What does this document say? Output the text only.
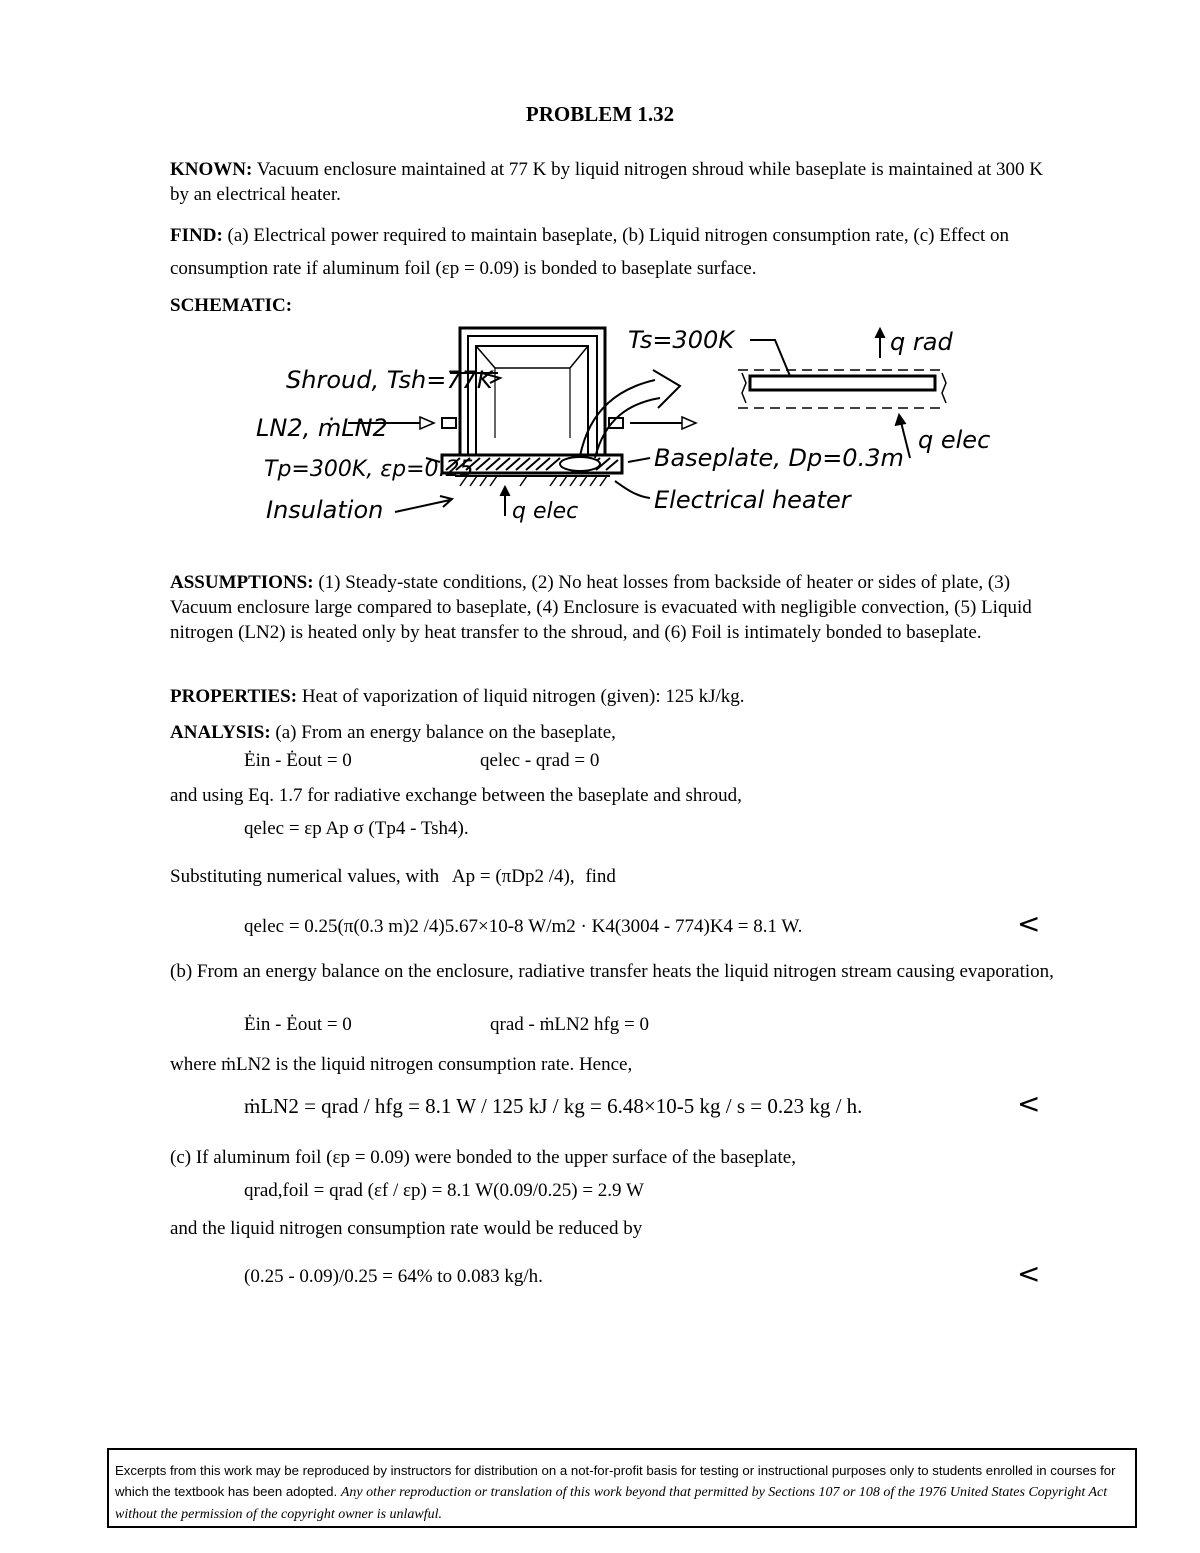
PROBLEM 1.32
KNOWN: Vacuum enclosure maintained at 77 K by liquid nitrogen shroud while baseplate is maintained at 300 K by an electrical heater.
FIND: (a) Electrical power required to maintain baseplate, (b) Liquid nitrogen consumption rate, (c) Effect on consumption rate if aluminum foil (εp = 0.09) is bonded to baseplate surface.
SCHEMATIC:
Shroud, Tsh=77K
LN2, ṁLN2
Tp=300K, εp=0.25
Insulation	q elec
Baseplate, Dp=0.3m
Electrical heater
Ts=300K	q rad
q elec
ASSUMPTIONS: (1) Steady-state conditions, (2) No heat losses from backside of heater or sides of plate, (3) Vacuum enclosure large compared to baseplate, (4) Enclosure is evacuated with negligible convection, (5) Liquid nitrogen (LN2) is heated only by heat transfer to the shroud, and (6) Foil is intimately bonded to baseplate.
PROPERTIES: Heat of vaporization of liquid nitrogen (given): 125 kJ/kg.
ANALYSIS: (a) From an energy balance on the baseplate,
Ėin - Ėout = 0	qelec - qrad = 0
and using Eq. 1.7 for radiative exchange between the baseplate and shroud,
qelec = εp Ap σ (Tp4 - Tsh4).
Substituting numerical values, with Ap = (πDp2 /4), find
qelec = 0.25(π(0.3 m)2 /4)5.67×10-8 W/m2 · K4(3004 - 774)K4 = 8.1 W.	<
(b) From an energy balance on the enclosure, radiative transfer heats the liquid nitrogen stream causing evaporation,
Ėin - Ėout = 0	qrad - ṁLN2 hfg = 0
where ṁLN2 is the liquid nitrogen consumption rate. Hence,
ṁLN2 = qrad / hfg = 8.1 W / 125 kJ / kg = 6.48×10-5 kg / s = 0.23 kg / h.	<
(c) If aluminum foil (εp = 0.09) were bonded to the upper surface of the baseplate,
qrad,foil = qrad (εf / εp) = 8.1 W(0.09/0.25) = 2.9 W
and the liquid nitrogen consumption rate would be reduced by
(0.25 - 0.09)/0.25 = 64% to 0.083 kg/h.	<
Excerpts from this work may be reproduced by instructors for distribution on a not-for-profit basis for testing or instructional purposes only to students enrolled in courses for which the textbook has been adopted. Any other reproduction or translation of this work beyond that permitted by Sections 107 or 108 of the 1976 United States Copyright Act without the permission of the copyright owner is unlawful.
